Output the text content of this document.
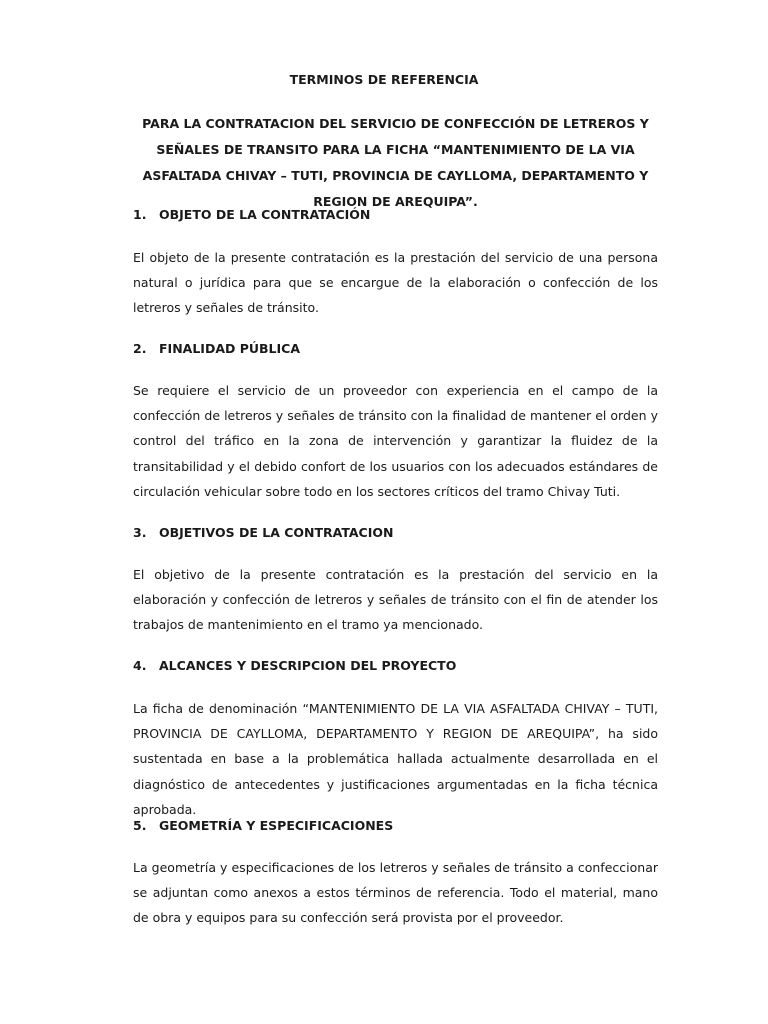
TERMINOS DE REFERENCIA
PARA LA CONTRATACION DEL SERVICIO DE CONFECCIÓN DE LETREROS Y SEÑALES DE TRANSITO PARA LA FICHA “MANTENIMIENTO DE LA VIA ASFALTADA CHIVAY – TUTI, PROVINCIA DE CAYLLOMA, DEPARTAMENTO Y REGION DE AREQUIPA”.
1. OBJETO DE LA CONTRATACIÓN
El objeto de la presente contratación es la prestación del servicio de una persona natural o jurídica para que se encargue de la elaboración o confección de los letreros y señales de tránsito.
2. FINALIDAD PÚBLICA
Se requiere el servicio de un proveedor con experiencia en el campo de la confección de letreros y señales de tránsito con la finalidad de mantener el orden y control del tráfico en la zona de intervención y garantizar la fluidez de la transitabilidad y el debido confort de los usuarios con los adecuados estándares de circulación vehicular sobre todo en los sectores críticos del tramo Chivay Tuti.
3. OBJETIVOS DE LA CONTRATACION
El objetivo de la presente contratación es la prestación del servicio en la elaboración y confección de letreros y señales de tránsito con el fin de atender los trabajos de mantenimiento en el tramo ya mencionado.
4. ALCANCES Y DESCRIPCION DEL PROYECTO
La ficha de denominación “MANTENIMIENTO DE LA VIA ASFALTADA CHIVAY – TUTI, PROVINCIA DE CAYLLOMA, DEPARTAMENTO Y REGION DE AREQUIPA”, ha sido sustentada en base a la problemática hallada actualmente desarrollada en el diagnóstico de antecedentes y justificaciones argumentadas en la ficha técnica aprobada.
5. GEOMETRÍA Y ESPECIFICACIONES
La geometría y especificaciones de los letreros y señales de tránsito a confeccionar se adjuntan como anexos a estos términos de referencia. Todo el material, mano de obra y equipos para su confección será provista por el proveedor.
